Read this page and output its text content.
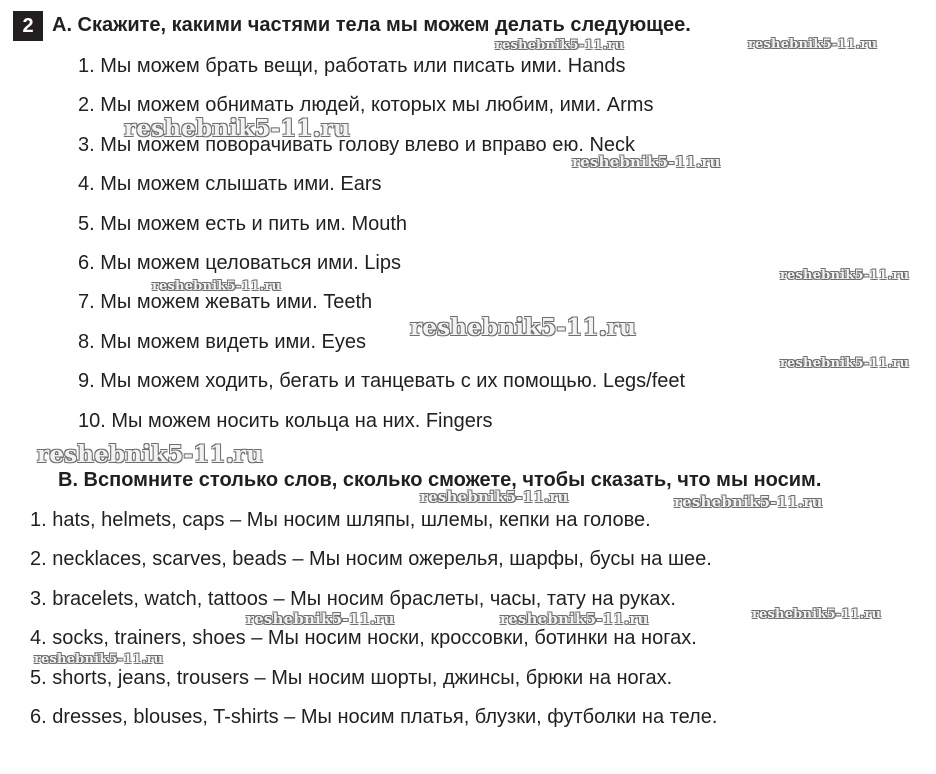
2 A. Скажите, какими частями тела мы можем делать следующее.
1. Мы можем брать вещи, работать или писать ими. Hands
2. Мы можем обнимать людей, которых мы любим, ими. Arms
3. Мы можем поворачивать голову влево и вправо ею. Neck
4. Мы можем слышать ими. Ears
5. Мы можем есть и пить им. Mouth
6. Мы можем целоваться ими. Lips
7. Мы можем жевать ими. Teeth
8. Мы можем видеть ими. Eyes
9. Мы можем ходить, бегать и танцевать с их помощью. Legs/feet
10. Мы можем носить кольца на них. Fingers
B. Вспомните столько слов, сколько сможете, чтобы сказать, что мы носим.
1. hats, helmets, caps – Мы носим шляпы, шлемы, кепки на голове.
2. necklaces, scarves, beads – Мы носим ожерелья, шарфы, бусы на шее.
3. bracelets, watch, tattoos – Мы носим браслеты, часы, тату на руках.
4. socks, trainers, shoes – Мы носим носки, кроссовки, ботинки на ногах.
5. shorts, jeans, trousers – Мы носим шорты, джинсы, брюки на ногах.
6. dresses, blouses, T-shirts – Мы носим платья, блузки, футболки на теле.
reshebnik5-11.ru	reshebnik5-11.ru
reshebnik5-11.ru
reshebnik5-11.ru
reshebnik5-11.ru
reshebnik5-11.ru
reshebnik5-11.ru
reshebnik5-11.ru
reshebnik5-11.ru
reshebnik5-11.ru	reshebnik5-11.ru
reshebnik5-11.ru	reshebnik5-11.ru	reshebnik5-11.ru
reshebnik5-11.ru
